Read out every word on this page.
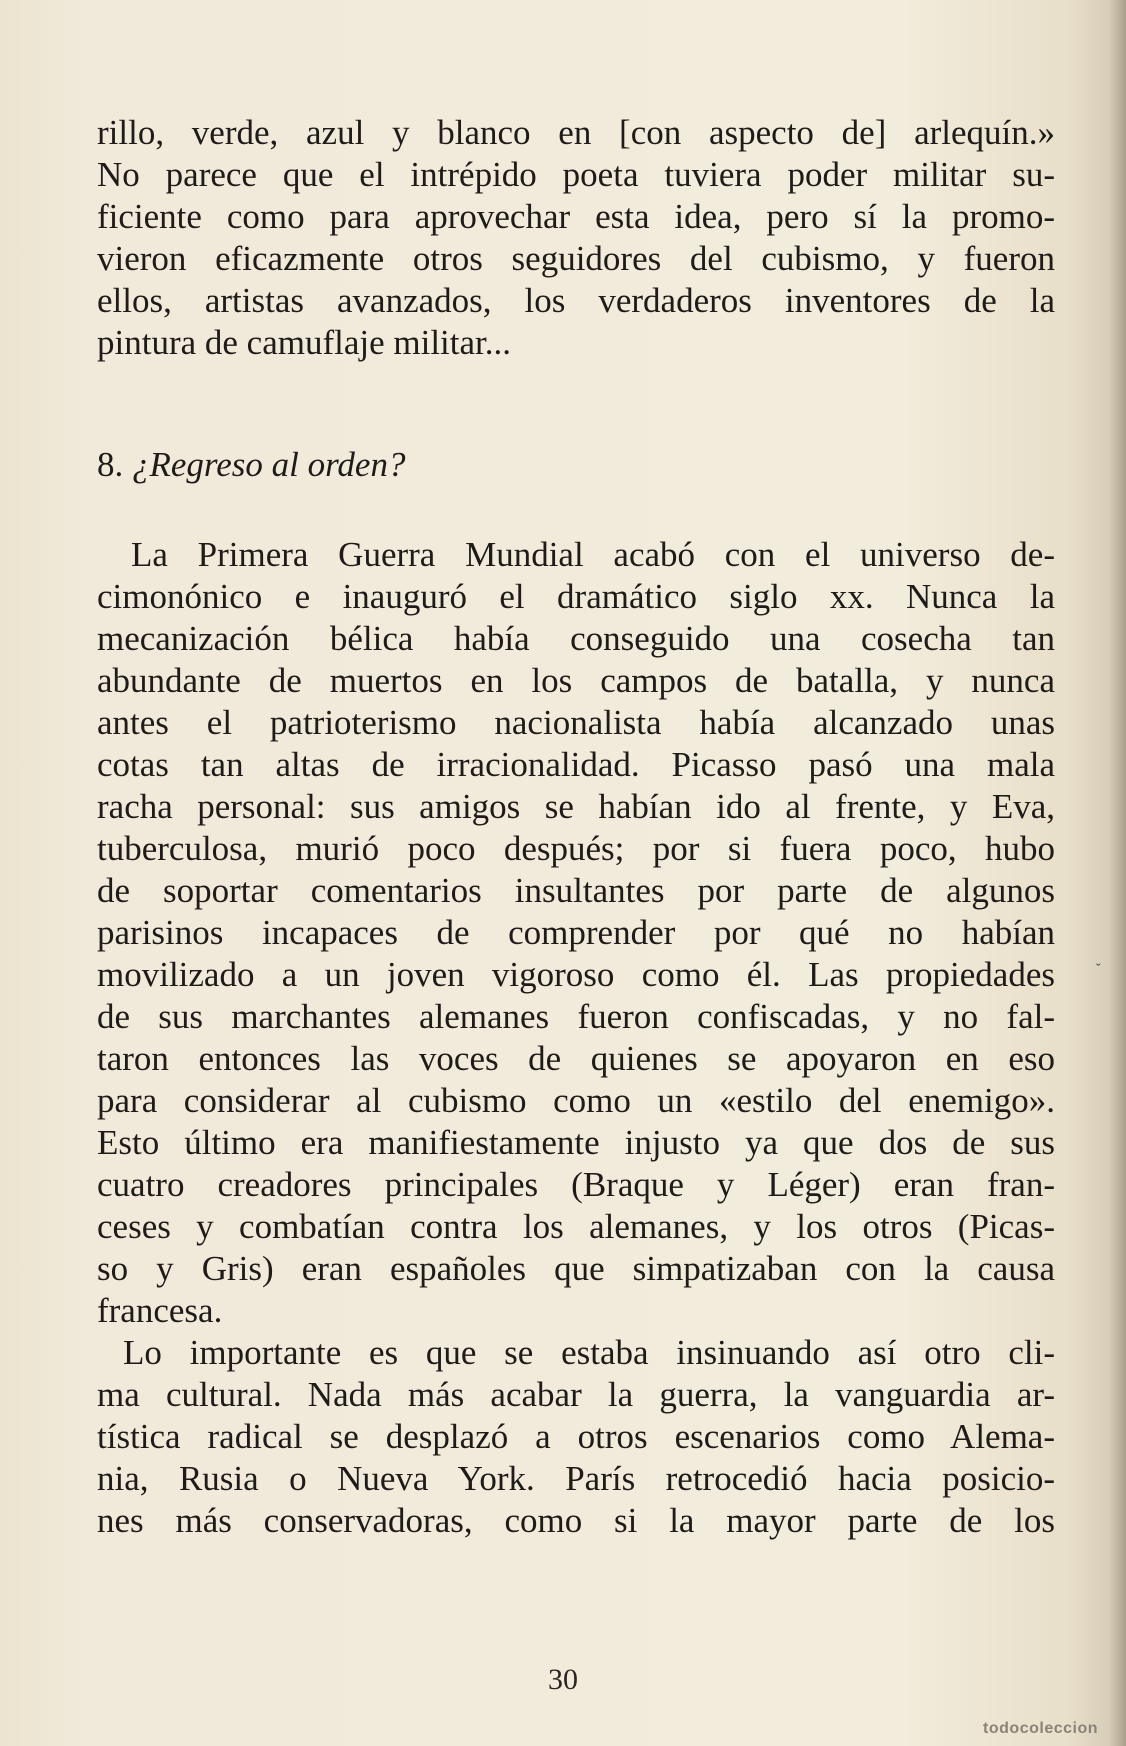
rillo, verde, azul y blanco en [con aspecto de] arlequín.»
No parece que el intrépido poeta tuviera poder militar su-
ficiente como para aprovechar esta idea, pero sí la promo-
vieron eficazmente otros seguidores del cubismo, y fueron
ellos, artistas avanzados, los verdaderos inventores de la
pintura de camuflaje militar...
8. ¿Regreso al orden?
La Primera Guerra Mundial acabó con el universo de-
cimonónico e inauguró el dramático siglo xx. Nunca la
mecanización bélica había conseguido una cosecha tan
abundante de muertos en los campos de batalla, y nunca
antes el patrioterismo nacionalista había alcanzado unas
cotas tan altas de irracionalidad. Picasso pasó una mala
racha personal: sus amigos se habían ido al frente, y Eva,
tuberculosa, murió poco después; por si fuera poco, hubo
de soportar comentarios insultantes por parte de algunos
parisinos incapaces de comprender por qué no habían
movilizado a un joven vigoroso como él. Las propiedades
de sus marchantes alemanes fueron confiscadas, y no fal-
taron entonces las voces de quienes se apoyaron en eso
para considerar al cubismo como un «estilo del enemigo».
Esto último era manifiestamente injusto ya que dos de sus
cuatro creadores principales (Braque y Léger) eran fran-
ceses y combatían contra los alemanes, y los otros (Picas-
so y Gris) eran españoles que simpatizaban con la causa
francesa.
Lo importante es que se estaba insinuando así otro cli-
ma cultural. Nada más acabar la guerra, la vanguardia ar-
tística radical se desplazó a otros escenarios como Alema-
nia, Rusia o Nueva York. París retrocedió hacia posicio-
nes más conservadoras, como si la mayor parte de los
ˇ
30
todocoleccion
